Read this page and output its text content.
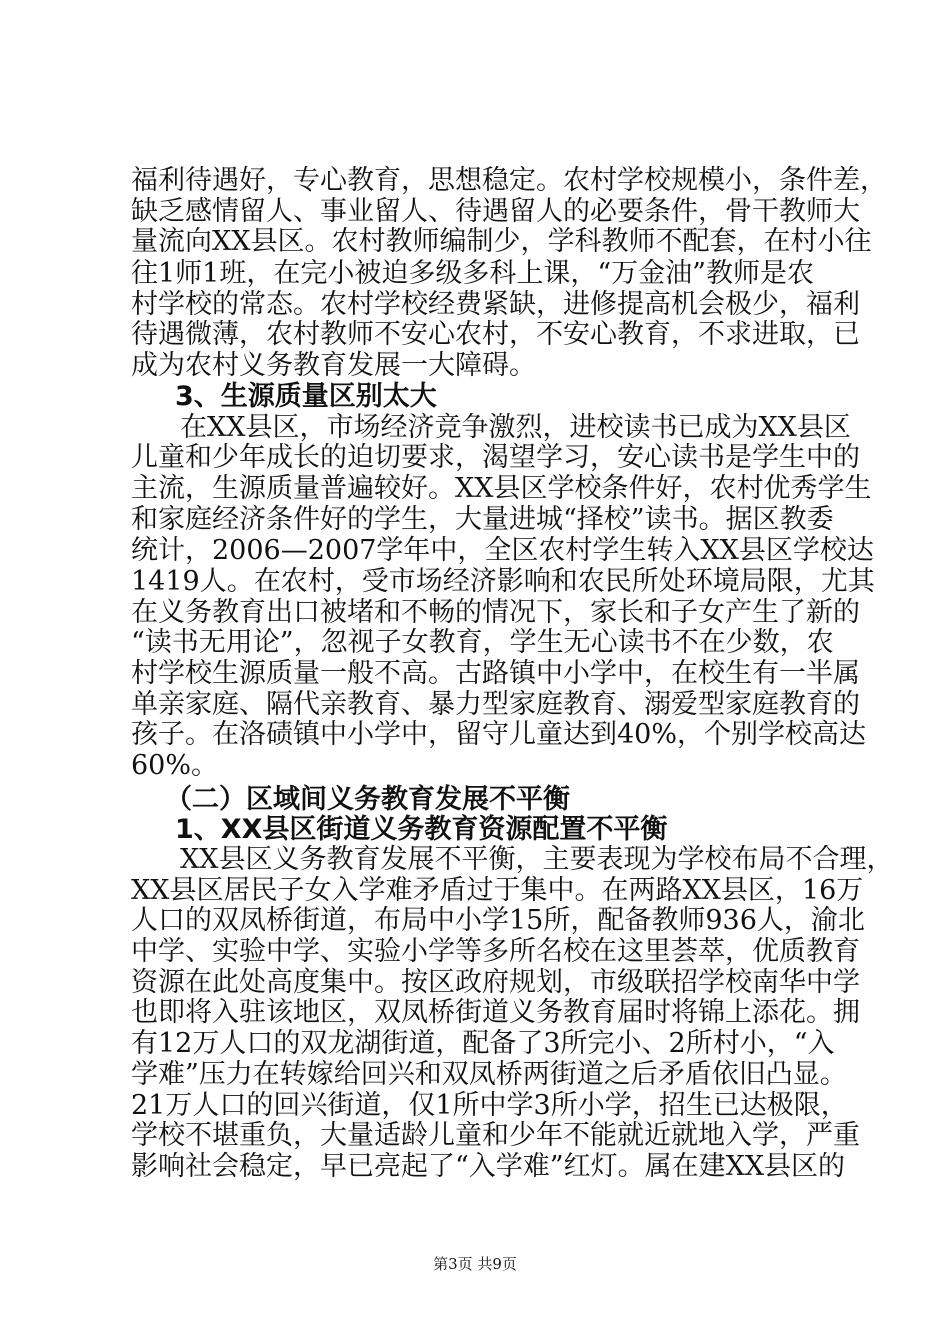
福利待遇好，专心教育，思想稳定。农村学校规模小，条件差，
缺乏感情留人、事业留人、待遇留人的必要条件，骨干教师大
量流向XX县区。农村教师编制少，学科教师不配套，在村小往
往1师1班，在完小被迫多级多科上课，“万金油”教师是农
村学校的常态。农村学校经费紧缺，进修提高机会极少，福利
待遇微薄，农村教师不安心农村，不安心教育，不求进取，已
成为农村义务教育发展一大障碍。
3、生源质量区别太大
在XX县区，市场经济竞争激烈，进校读书已成为XX县区
儿童和少年成长的迫切要求，渴望学习，安心读书是学生中的
主流，生源质量普遍较好。XX县区学校条件好，农村优秀学生
和家庭经济条件好的学生，大量进城“择校”读书。据区教委
统计，2006—2007学年中，全区农村学生转入XX县区学校达
1419人。在农村，受市场经济影响和农民所处环境局限，尤其
在义务教育出口被堵和不畅的情况下，家长和子女产生了新的
“读书无用论”，忽视子女教育，学生无心读书不在少数，农
村学校生源质量一般不高。古路镇中小学中，在校生有一半属
单亲家庭、隔代亲教育、暴力型家庭教育、溺爱型家庭教育的
孩子。在洛碛镇中小学中，留守儿童达到40%，个别学校高达
60%。
（二）区域间义务教育发展不平衡
1、XX县区街道义务教育资源配置不平衡
XX县区义务教育发展不平衡，主要表现为学校布局不合理，
XX县区居民子女入学难矛盾过于集中。在两路XX县区，16万
人口的双凤桥街道，布局中小学15所，配备教师936人，渝北
中学、实验中学、实验小学等多所名校在这里荟萃，优质教育
资源在此处高度集中。按区政府规划，市级联招学校南华中学
也即将入驻该地区，双凤桥街道义务教育届时将锦上添花。拥
有12万人口的双龙湖街道，配备了3所完小、2所村小，“入
学难”压力在转嫁给回兴和双凤桥两街道之后矛盾依旧凸显。
21万人口的回兴街道，仅1所中学3所小学，招生已达极限，
学校不堪重负，大量适龄儿童和少年不能就近就地入学，严重
影响社会稳定，早已亮起了“入学难”红灯。属在建XX县区的
第3页 共9页
